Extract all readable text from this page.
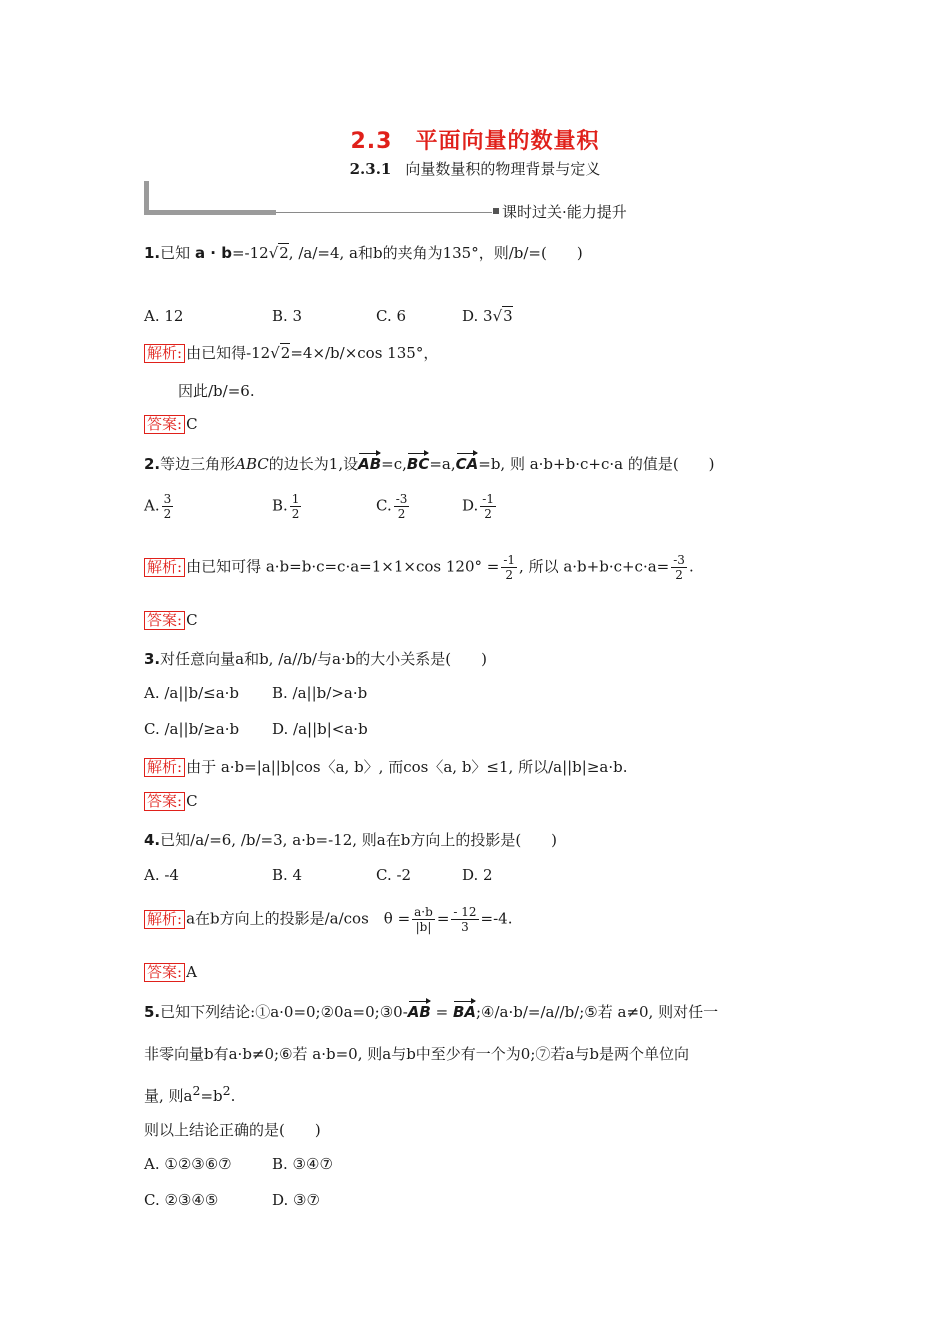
2.3　平面向量的数量积
2.3.1 向量数量积的物理背景与定义
课时过关·能力提升
1.已知 a · b=-12√2, /a/=4, a和b的夹角为135°，则/b/=(　　)
A. 12	B. 3	C. 6	D. 3√3
解析: 由已知得-12√2=4×/b/×cos 135°，
因此/b/=6.
答案: C
2.等边三角形ABC的边长为1,设AB=c,BC=a,CA=b, 则 a·b+b·c+c·a 的值是(　　)
A. $\frac{3}{2}$	B. $\frac{1}{2}$	C. $\frac{-3}{2}$	D. $\frac{-1}{2}$
解析: 由已知可得 a·b=b·c=c·a=1×1×cos $120^\circ = \frac{-1}{2}$ , 所以 $a\cdot b+b\cdot c+c\cdot a= \frac{-3}{2}$ .
答案: C
3.对任意向量a和b, /a//b/与a·b的大小关系是(　　)
A. /a||b/≤a·b B. /a||b/>a·b
C. /a||b/≥a·b D. /a||b|<a·b
解析: 由于 a·b=|a||b|cos〈a, b〉, 而cos〈a, b〉≤1, 所以/a||b|≥a·b.
答案: C
4.已知/a/=6, /b/=3, a·b=-12, 则a在b方向上的投影是(　　)
A. -4	B. 4	C. -2	D. 2
解析: a在b方向上的投影是/a/cos　$\theta = \frac{a\cdot b}{|b|} = \frac{- 12}{3} =-4$.
答案: A
5.已知下列结论:①a·0=0;②0a=0;③0-AB = BA;④/a·b/=/a//b/;⑤若 a≠0, 则对任一
非零向量b有a·b≠0;⑥若 a·b=0, 则a与b中至少有一个为0;⑦若a与b是两个单位向
量, 则$a^2=b^2$.
则以上结论正确的是(　　)
A. ①②③⑥⑦	B. ③④⑦
C. ②③④⑤	D. ③⑦
